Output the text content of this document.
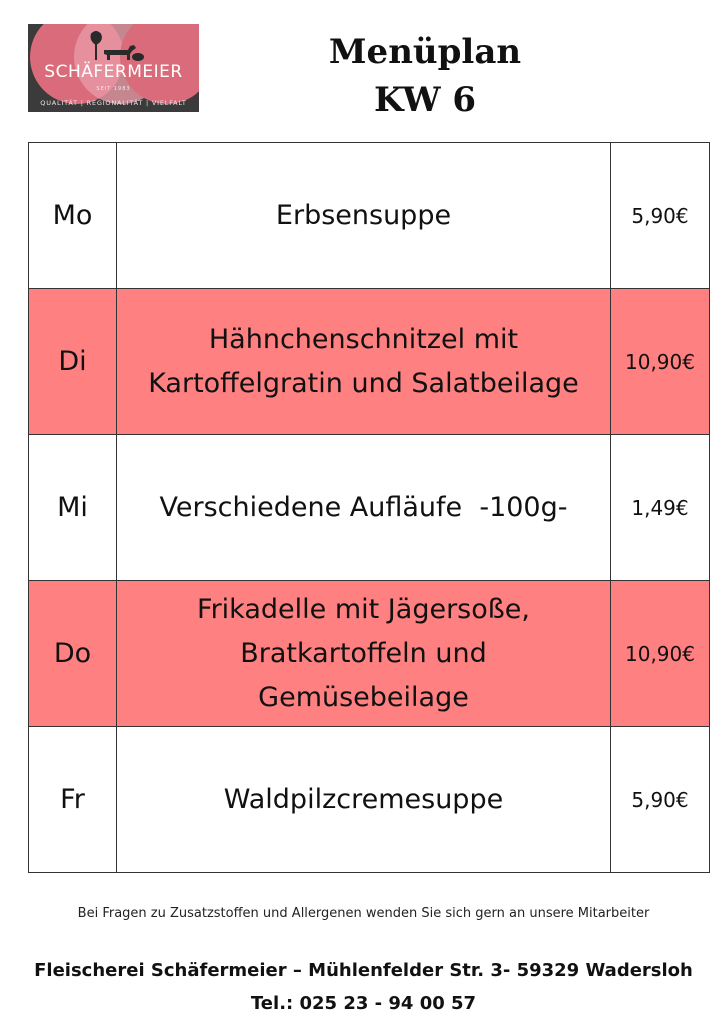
SCHÄFERMEIER
SEIT 1983
QUALITÄT | REGIONALITÄT | VIELFALT
Menüplan
KW 6
Mo	Erbsensuppe	5,90€
Di	Hähnchenschnitzel mit
Kartoffelgratin und Salatbeilage	10,90€
Mi	Verschiedene Aufläufe  -100g-	1,49€
Do	Frikadelle mit Jägersoße,
Bratkartoffeln und
Gemüsebeilage	10,90€
Fr	Waldpilzcremesuppe	5,90€
Bei Fragen zu Zusatzstoffen und Allergenen wenden Sie sich gern an unsere Mitarbeiter
Fleischerei Schäfermeier – Mühlenfelder Str. 3- 59329 Wadersloh
Tel.: 025 23 - 94 00 57
